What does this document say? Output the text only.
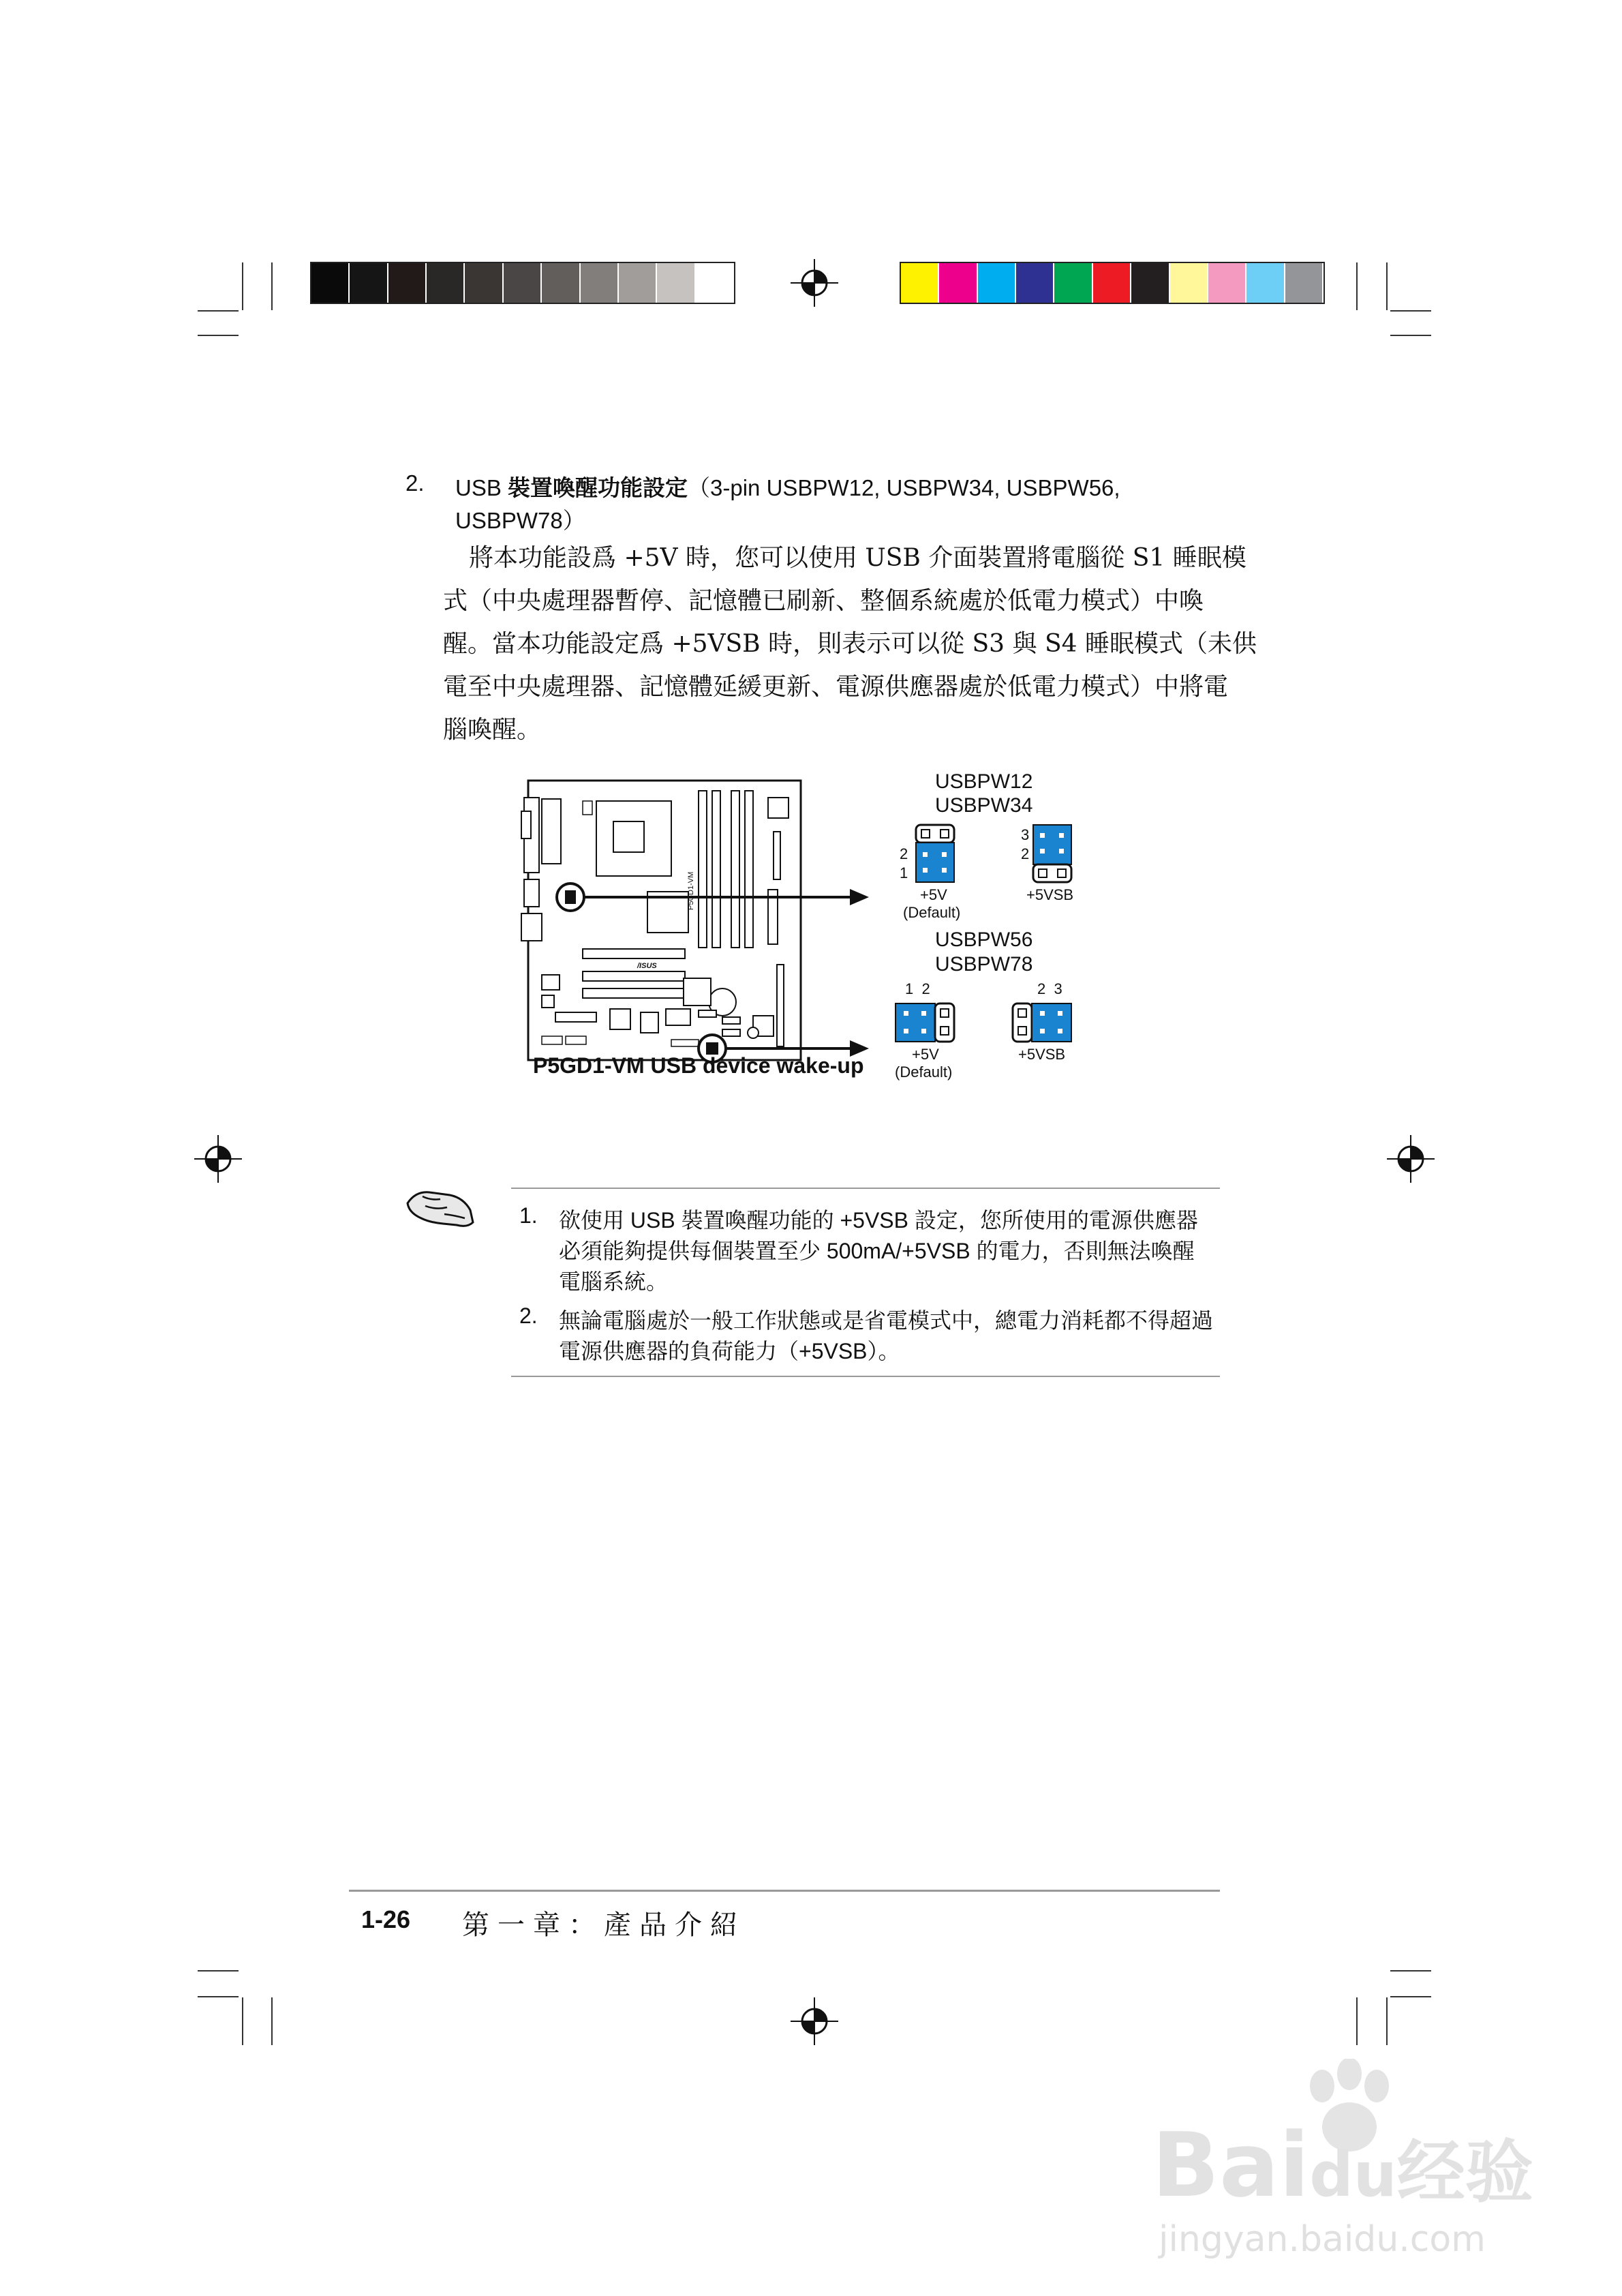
2. USB 裝置喚醒功能設定（3-pin USBPW12, USBPW34, USBPW56,
USBPW78）
將本功能設爲 +5V 時，您可以使用 USB 介面裝置將電腦從 S1 睡眠模
式（中央處理器暫停、記憶體已刷新、整個系統處於低電力模式）中喚
醒。當本功能設定爲 +5VSB 時，則表示可以從 S3 與 S4 睡眠模式（未供
電至中央處理器、記憶體延緩更新、電源供應器處於低電力模式）中將電
腦喚醒。
P5GD1-VM
/ISUS
P5GD1-VM USB device wake-up
USBPW12
USBPW34
2
1
3
2
+5V
(Default)
+5VSB
USBPW56
USBPW78
1  2	2  3
+5V
(Default)
+5VSB
1. 欲使用 USB 裝置喚醒功能的 +5VSB 設定，您所使用的電源供應器
必須能夠提供每個裝置至少 500mA/+5VSB 的電力，否則無法喚醒
電腦系統。
2. 無論電腦處於一般工作狀態或是省電模式中，總電力消耗都不得超過
電源供應器的負荷能力（+5VSB）。
1-26 第一章：產品介紹
Baidu经验
jingyan.baidu.com
